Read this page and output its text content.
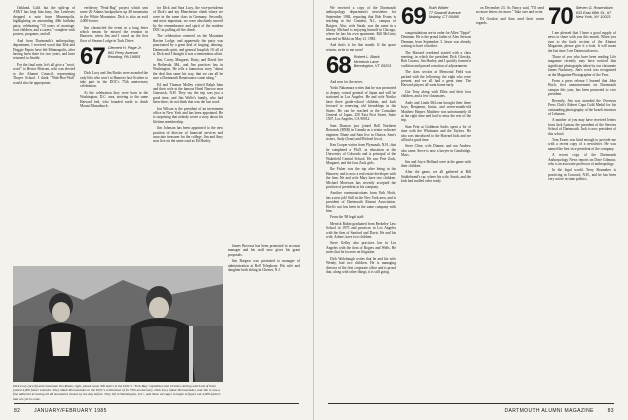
Oakland, Calif. but the split-up of AT&T has kept him busy. Jim Lenfestey dropped a note from Minneapolis, highlighting an astounding 40th birthday party, celebrating "10 years of marriage, four children, and a career," complete with posters, programs, and all.

And from Dartmouth's anthropology department, I received word that Bob and Doggie Papiro have left Minneapolis, after having been there for two years, and have returned to Seattle.

For the final note, let's all give a "woof, woof" to Hector Motroni, who was elected to the Alumni Council, representing Thayer School. I think "Wah-Hoo-Wah" would also be appropriate.

vertheory "Peak-Bag" project which sent some 20 Adams backpackers up 48 mountains in the White Mountains. Dick is also an avid 4,000-footer.

Jim chronicled the event in a long letter which means he missed the reunion in Hanover, when Jim and I stood on the first floor of Stearns Lodge in Tuck Drive.

67 Clement H. Page Jr.
861 Perry Avenue
Reading, PA 19605

Dick Lucy and Jim Rooks were awarded the only lifts who won't to Hanover last October to take part in the DOC's 75th anniversary celebration.

At the celebration they were born to the Washington, D.C. area, arriving to the same Harvard bed, who founded north to climb Mount Monadnock.

for Dick and Sara Lucy, the vice-presidents of Dick's and my Manchester climb where we were in the same class in Germany. Secondly, and most important, we were absolutely moved by the remembrance and spirit of the modern DOC in pulling off the climb.

The celebration centered on the Mountain Ravine Lodge, and apparently the party was punctuated by a great deal of singing, dancing, Dartmouth spirit, and general hooplah. Of all of it, Dick and I thought it was a tremendous affair.

Jim, Corey, Margaret, Daisy, and David live in Bethesda, Md., and Jim practices law in Washington. He tells a humorous story "about the deal that came his way, that we can all be sure a Dartmouth Renaissance came along."

Ed and Thomas Malley visited Ralph Sam and their wife at the famous Hotel Nauvoo near Gunstock, N.H. They say the trip was just a good time, and Jim Wolfe's family, who had been there, do not think that was the last word.

Jon Wilson is the president of an investment office in New York and has been appointed. He is surprising that nobody wrote a story about his lifetime membership.

Jim Johnson has been appointed to the new position of director of financial services and associate treasurer for the college. Jim and Amy now live on the same road as Ed Hurley.

James Bovessa has been promoted to account manager and his staff now gives his grant proposals.

Jim Burgess was promoted to manager of administration at Bell Telephone. His wife and daughter both skiing in Chester, N.J.

Dick Lucy (at left) and classmate Jim Rooks, right, joined some 300 skiers in the DOC's "Trek-Bag" expedition last October, during which all of them joined 4,000 footer summits. They hiked 48 mountains in the DOC's celebration of its 75th anniversary. Dick Lucy hiked 48 mountains, and Jim is now a fine adherent to having all 48 mountains chosen by the day before. They left in Washington, D.C., and those all eager to begin to figure out 4,000-footers that are yet to come.
82	JANUARY/FEBRUARY 1985

We received a copy of the Dartmouth anthropology department's newsletter for September 1984, reporting that Bob Evans is teaching at the Camden, N.J., campus of Rutgers. Also, wife Sarah, was the same in a library. Michael is enjoying himself in Chicago, where he has his own apartment. Bill McCarty married in Rikki on May 21, 1983.

And that's it for this month. If the space returns, write to me soon!

68 Robert L. Black
McIntosh Lane
Bennington, VT 05201

And now for the news:

Yoshi Nakamura writes that he was promoted to deputy consul general of Japan and will be stationed in Los Angeles. He and wife Noriko have three grade-school children, and look forward to renewing old friendships in the States. He can be reached at the Consulate General of Japan, 250 East First Street, Suite 1507, Los Angeles, CA 90012.

Sam Dunson just joined Bell Northern Research (BNR) in Canada as a senior software engineer. Diane and Sam live in Ottawa. Sam's sisters, Andy (Joan) and Michael (two).

Ken Cooper writes from Plymouth, N.H., that he completed a Ph.D. in education at the University of Colorado and is principal of the Wakefield Central School. He saw Pete Zack, Margaret, and the four Zack girls.

Ike Fisher was the top after being in the Hanover, and is now a real estate developer with the firm. He and wife Mary have two children. Michael Morrison has recently accepted the position of president at his company.

Another communications from Erik Hoch, has a new job! Still in the New York area, and is president of Dartmouth Alumni Association. Hoch's son has been in the same company with him.

From the '68 legal staff:

Merrick Rubin graduated from Berkeley Law School in 1975 and practices in Los Angeles with the firm of Sanford and Davis. He and his wife, Arlene, have two children.

Steve Gelley also practices law in Los Angeles with the firm of Rogers and Wells. He notes that he focuses on litigation.

Dick Wolobaugh writes that he and his wife Wendy, had two children. He is managing director of the first corporate office and is proud that, along with other things, it is still going.

69 Ruth Wilder
77 Sawmill Avenue
Nolaby, CT 06490

congratulations are in order for Allen "Oppie" Dentman. He is the proud father of Alex Stewart Denman, born September 3. Jason was already waiting to have a brother.

The Harvard weekend started with a class meeting, in which the president Dick Glovsky, Bob Cuomo, Jim Hurley, and I quickly formed a coalition and passed a motion of adjournment.

The class section at Memorial Field was packed with the following: the eight who were present, and we all had a great time. The Harvard players all went home early.

Got Tony along with Ellen and their four children, and a few classmates.

Andy and Linda McLean brought their three boys, Benjamin, Justin, and seven-month-old Matthew Harper. Matthew was unfortunately ill at the right time and had to miss the rest of the trip.

Stan Fein at Goldman Sachs spent a lot of time with the Whitmans and the Taylors. He also was introduced to the Harvard kids and we all had a good time.

Steve Cline, wife Dianne, and son Andrew also came. Steve is now a lawyer in Cambridge, Mass.

Jim and Joyce Holland were at the game with their children.

After the game, we all gathered at Bill Stahlebrand's car, where his wife, Sarah, and the kids had mulled cider ready.

on December 23. As Nancy said, "I'll send no more letters for more." Take care and write.

Ed Gordon and Sara send their warm regards.	70 Steven G. Rosenblum
633 East 68th St., #7
New York, NY 10021

I am pleased that I have a good supply of news to share with you this month. When you turn to the back section of the Alumni Magazine, please give it a look. It will mean the last time I see Dartmouth news.

Those of you who have been reading Life magazine recently may have noticed that significant photographs taken by our classmate James Nachtwey. Jim's work was recognized as the Magazine Photographer of the Year.

From a press release I learned that John Hoch, first announcement on Dartmouth campus this year, has been promoted to vice president.

Recently, Jim was awarded the Overseas Press Club's Robert Capa Gold Medal for his outstanding photography of the Israeli invasion of Lebanon.

A number of you may have received letters from Jack Lyman, the president of the Stevens School of Dartmouth. Jack is now president of this school.

Tom Evans was kind enough to provide me with a recent copy of a newsletter. He was named the first vice president of the company.

A recent copy of the Dartmouth Anthropology News reports on Dave Gilmour, who is an associate professor of anthropology.

In the legal world, Terry Shumaker is practicing in Concord, N.H., and he has been very active in state politics.

DARTMOUTH ALUMNI MAGAZINE	83
